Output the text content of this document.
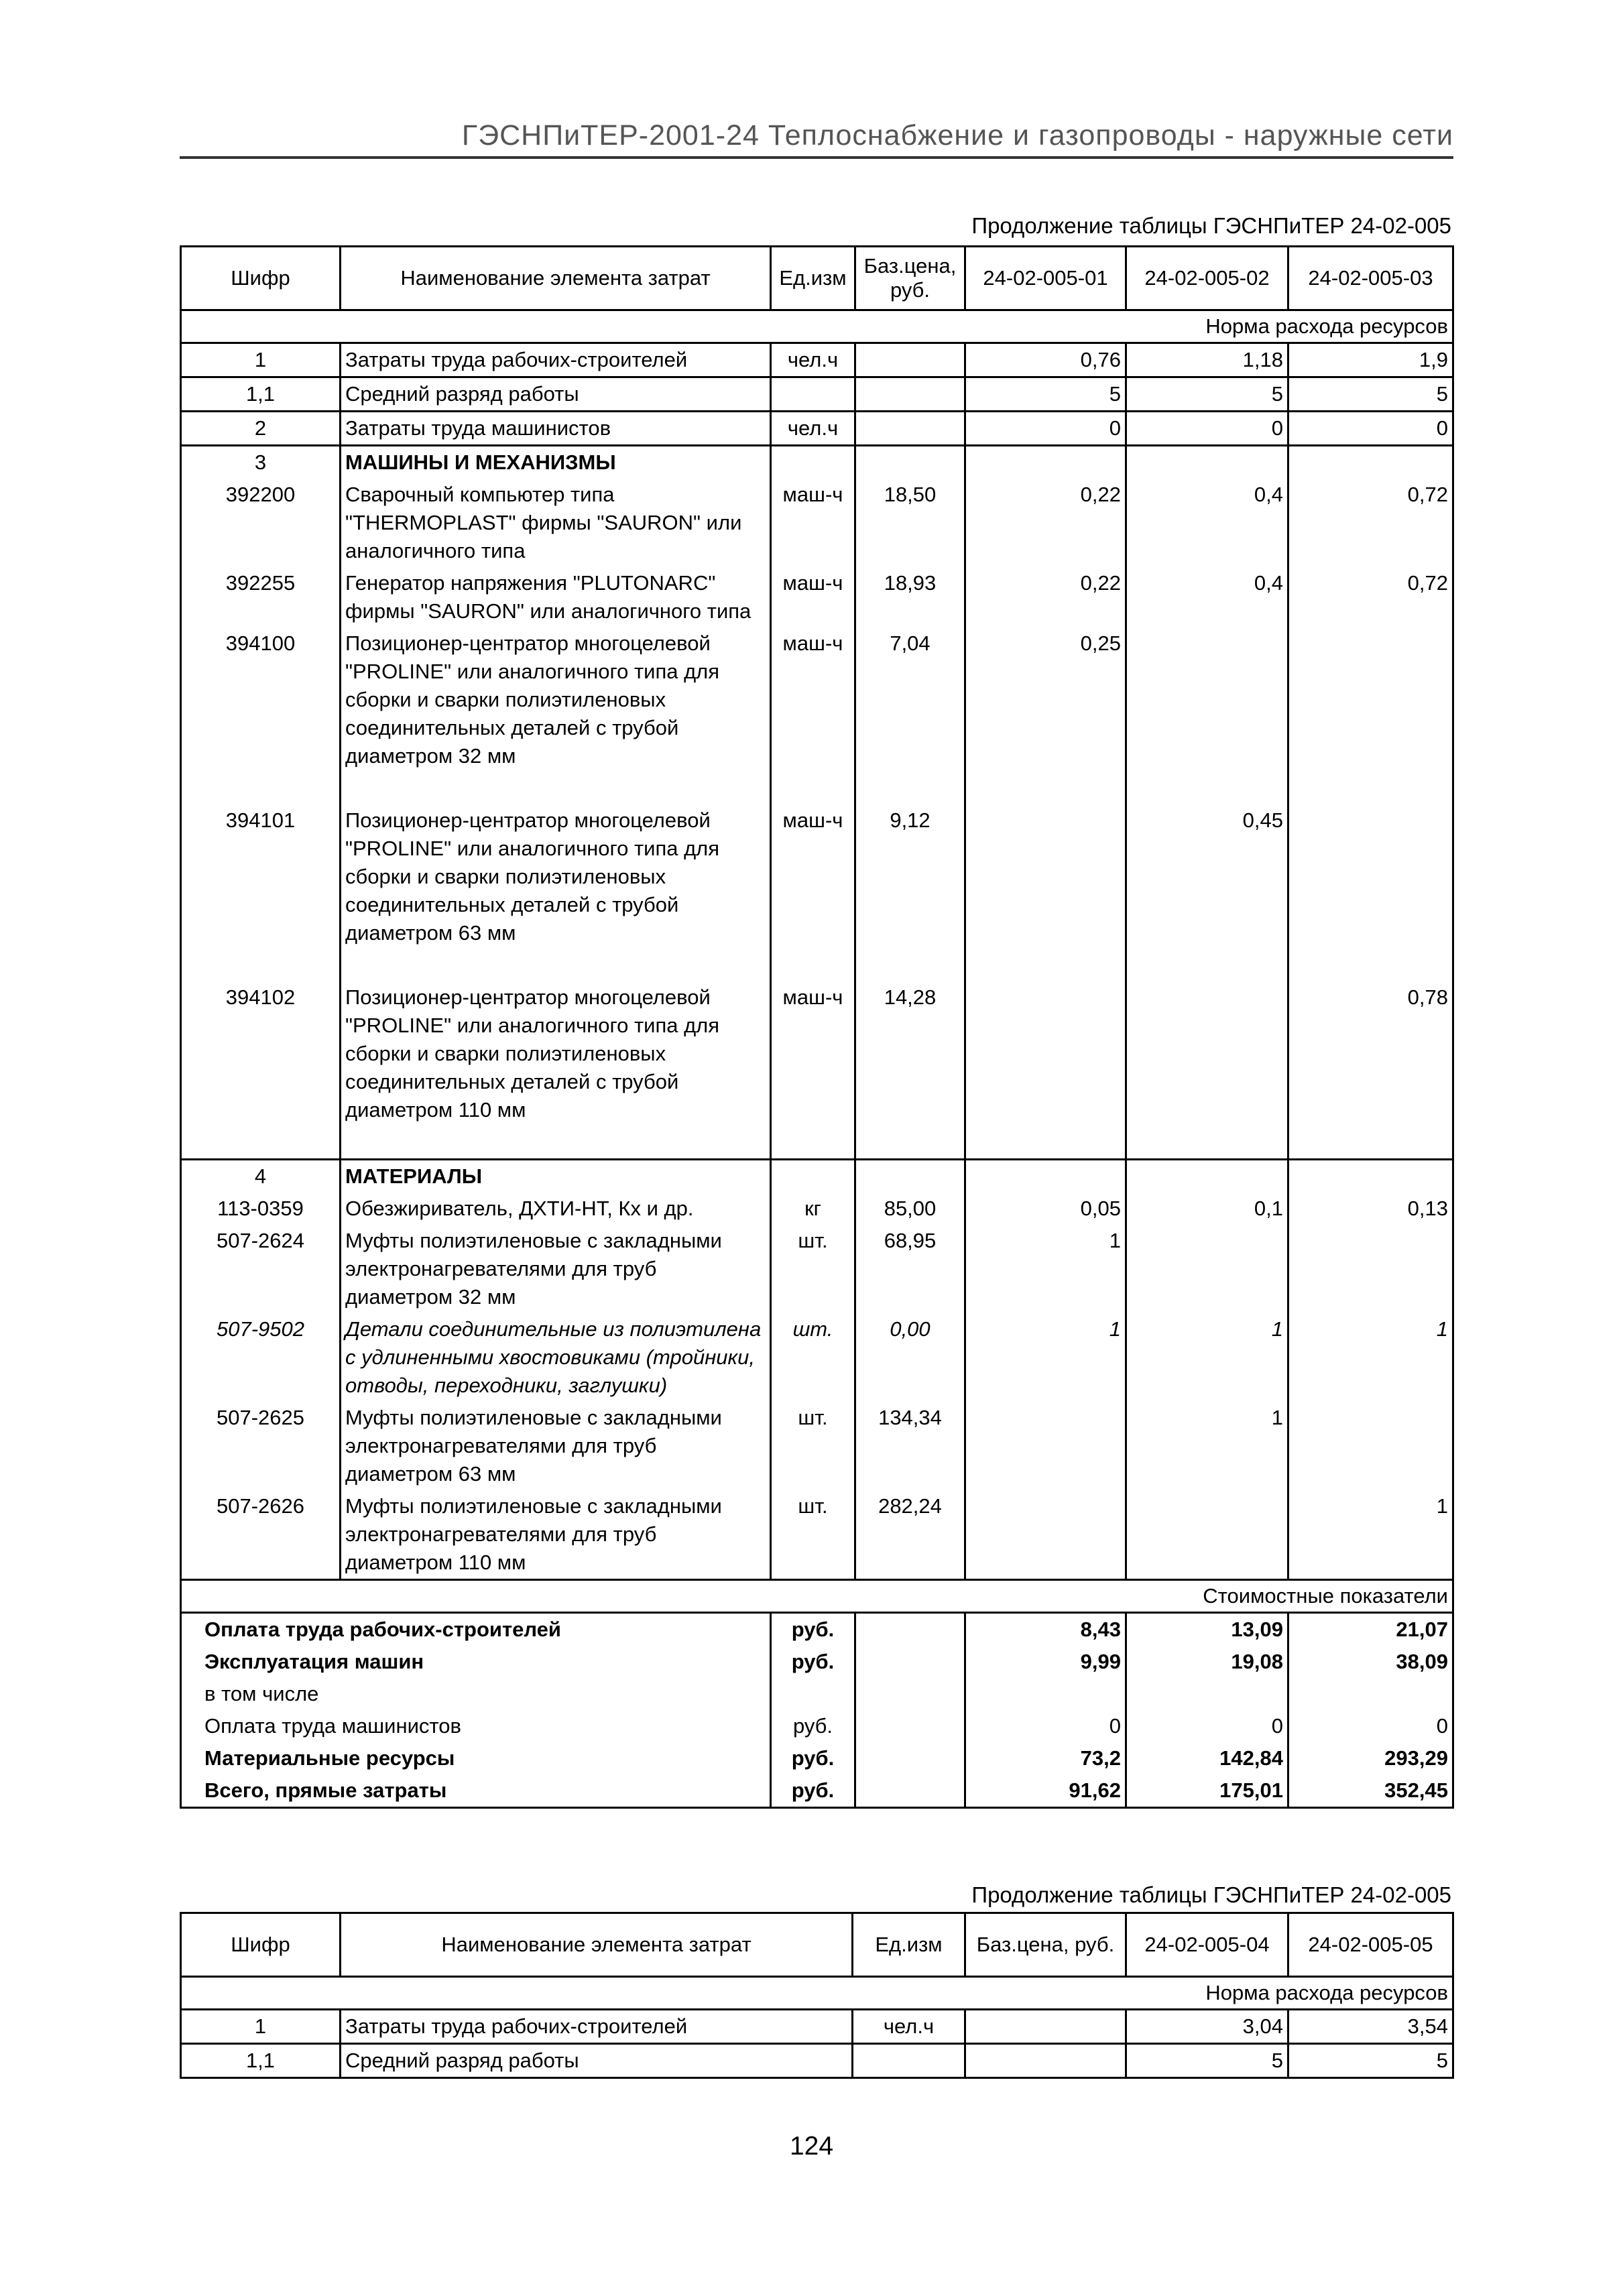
ГЭСНПиТЕР-2001-24 Теплоснабжение и газопроводы - наружные сети
Продолжение таблицы ГЭСНПиТЕР 24-02-005
Шифр	Наименование элемента затрат	Ед.изм	Баз.цена, руб.	24-02-005-01	24-02-005-02	24-02-005-03
Норма расхода ресурсов						
1	Затраты труда рабочих-строителей	чел.ч		0,76	1,18	1,9
1,1	Средний разряд работы			5	5	5
2	Затраты труда машинистов	чел.ч		0	0	0
3	МАШИНЫ И МЕХАНИЗМЫ					
392200	Сварочный компьютер типа "THERMOPLAST" фирмы "SAURON" или аналогичного типа	маш-ч	18,50	0,22	0,4	0,72
392255	Генератор напряжения "PLUTONARC" фирмы "SAURON" или аналогичного типа	маш-ч	18,93	0,22	0,4	0,72
394100	Позиционер-центратор многоцелевой "PROLINE" или аналогичного типа для сборки и сварки полиэтиленовых соединительных деталей с трубой диаметром 32 мм	маш-ч	7,04	0,25		

394101	Позиционер-центратор многоцелевой "PROLINE" или аналогичного типа для сборки и сварки полиэтиленовых соединительных деталей с трубой диаметром 63 мм	маш-ч	9,12		0,45	

394102	Позиционер-центратор многоцелевой "PROLINE" или аналогичного типа для сборки и сварки полиэтиленовых соединительных деталей с трубой диаметром 110 мм	маш-ч	14,28			0,78

4	МАТЕРИАЛЫ					
113-0359	Обезжириватель, ДХТИ-НТ, Кх и др.	кг	85,00	0,05	0,1	0,13
507-2624	Муфты полиэтиленовые с закладными электронагревателями для труб диаметром 32 мм	шт.	68,95	1		
507-9502	Детали соединительные из полиэтилена с удлиненными хвостовиками (тройники, отводы, переходники, заглушки)	шт.	0,00	1	1	1
507-2625	Муфты полиэтиленовые с закладными электронагревателями для труб диаметром 63 мм	шт.	134,34		1	
507-2626	Муфты полиэтиленовые с закладными электронагревателями для труб диаметром 110 мм	шт.	282,24			1
Стоимостные показатели						
Оплата труда рабочих-строителей		руб.		8,43	13,09	21,07
Эксплуатация машин		руб.		9,99	19,08	38,09
в том числе						
Оплата труда машинистов		руб.		0	0	0
Материальные ресурсы		руб.		73,2	142,84	293,29
Всего, прямые затраты		руб.		91,62	175,01	352,45
Продолжение таблицы ГЭСНПиТЕР 24-02-005
Шифр	Наименование элемента затрат	Ед.изм	Баз.цена, руб.	24-02-005-04	24-02-005-05
Норма расхода ресурсов					
1	Затраты труда рабочих-строителей	чел.ч		3,04	3,54
1,1	Средний разряд работы			5	5
124
